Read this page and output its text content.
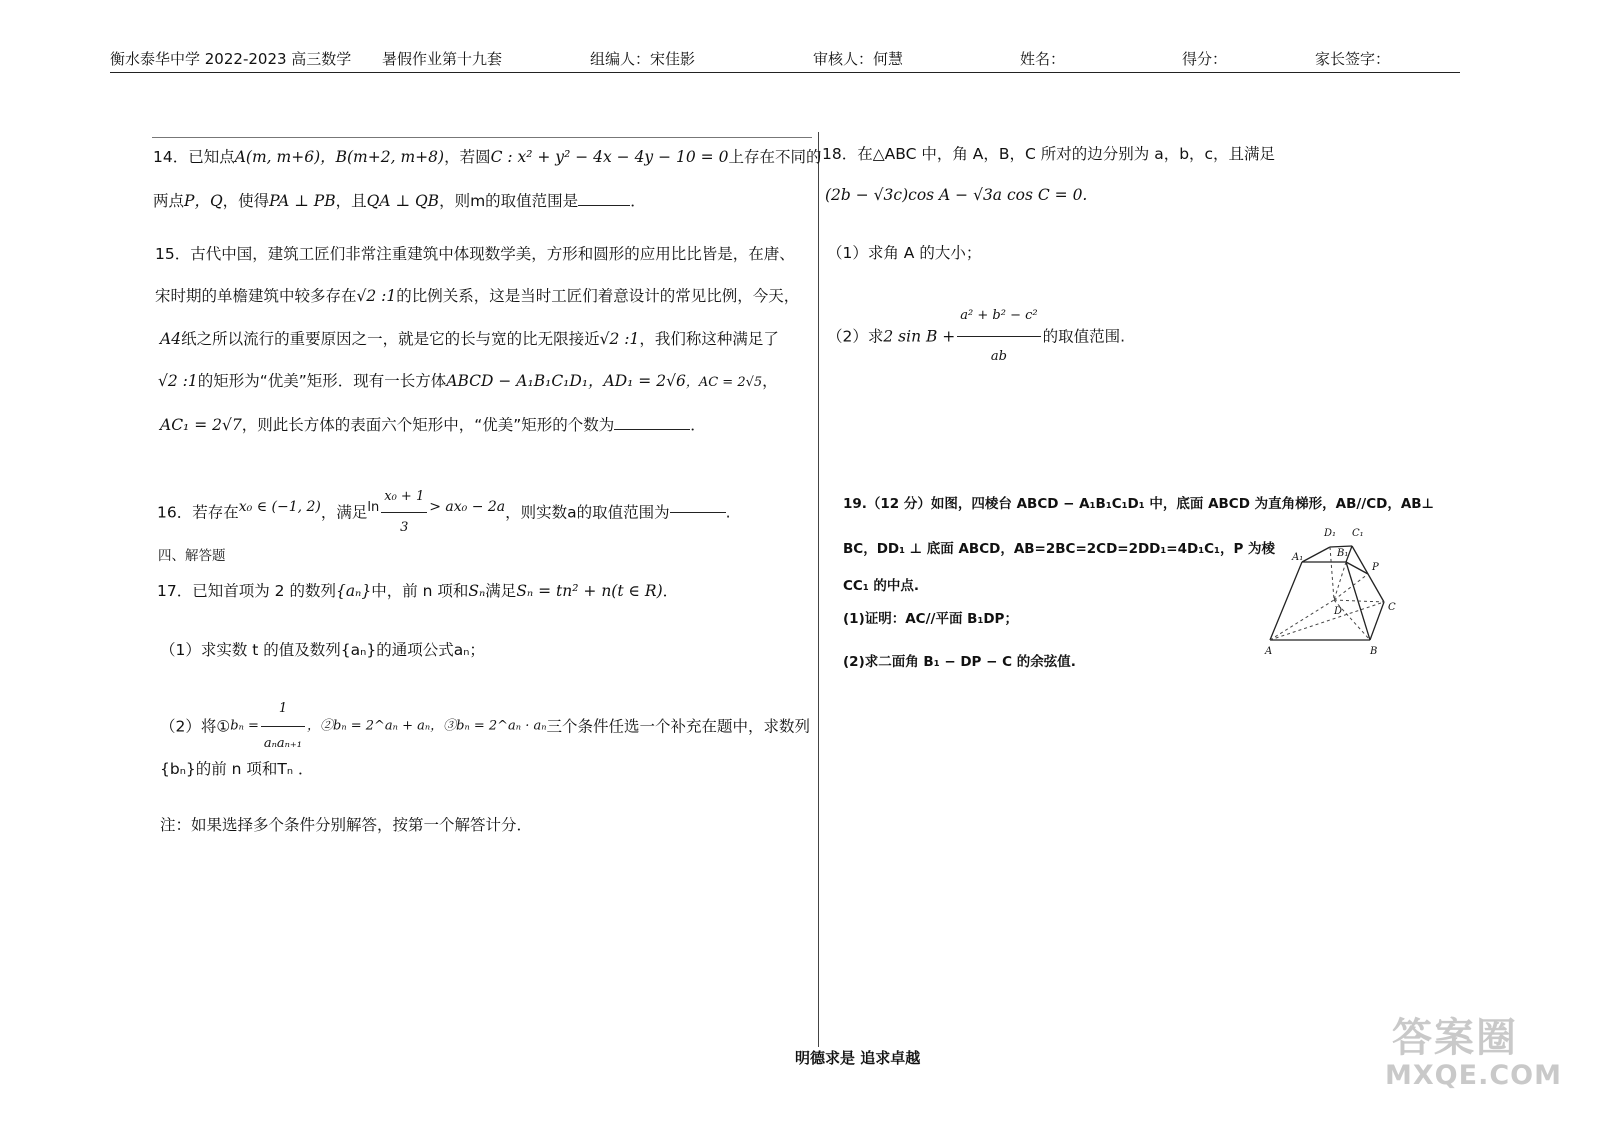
衡水泰华中学 2022-2023 高三数学 暑假作业第十九套	组编人：宋佳影	审核人：何慧	姓名：	得分：	家长签字：
14．已知点A(m, m+6)，B(m+2, m+8)，若圆C : x² + y² − 4x − 4y − 10 = 0上存在不同的
两点P，Q，使得PA ⊥ PB，且QA ⊥ QB，则m的取值范围是	．
15．古代中国，建筑工匠们非常注重建筑中体现数学美，方形和圆形的应用比比皆是，在唐、
宋时期的单檐建筑中较多存在√2 :1的比例关系，这是当时工匠们着意设计的常见比例，今天，
A4纸之所以流行的重要原因之一，就是它的长与宽的比无限接近√2 :1，我们称这种满足了
√2 :1的矩形为“优美”矩形．现有一长方体ABCD − A₁B₁C₁D₁，AD₁ = 2√6，AC = 2√5，
AC₁ = 2√7，则此长方体的表面六个矩形中，“优美”矩形的个数为	．
16．若存在x₀ ∈ (−1, 2)，满足$^{ln} \frac{\text{x₀ + 1}}{3} > ax_0 - 2a$，则实数a的取值范围为	.
四、解答题
17．已知首项为 2 的数列{aₙ}中，前 n 项和Sₙ满足Sₙ = tn² + n(t ∈ R)．
（1）求实数 t 的值及数列{aₙ}的通项公式aₙ；
（2）将①bₙ = $\frac{1}{\text{aₙaₙ₊₁}}$ ，②bₙ = 2^aₙ + aₙ，③bₙ = 2^aₙ · aₙ三个条件任选一个补充在题中，求数列
{bₙ}的前 n 项和Tₙ ．
注：如果选择多个条件分别解答，按第一个解答计分．
18．在△ABC 中，角 A，B，C 所对的边分别为 a，b，c，且满足
(2b − √3c)cos A − √3a cos C = 0.
（1）求角 A 的大小；
（2）求2 $\sin B + \frac{\text{a² + b² − c²}}{ab}$ 的取值范围.
19.（12 分）如图，四棱台 ABCD − A₁B₁C₁D₁ 中，底面 ABCD 为直角梯形，AB//CD，AB⊥
BC，DD₁ ⊥ 底面 ABCD，AB=2BC=2CD=2DD₁=4D₁C₁，P 为棱
CC₁ 的中点.
(1)证明：AC//平面 B₁DP；
(2)求二面角 B₁ − DP − C 的余弦值.
D₁ C₁
B₁
A₁
P
D	C
A	B
明德求是 追求卓越	答案圈
MXQE.COM
